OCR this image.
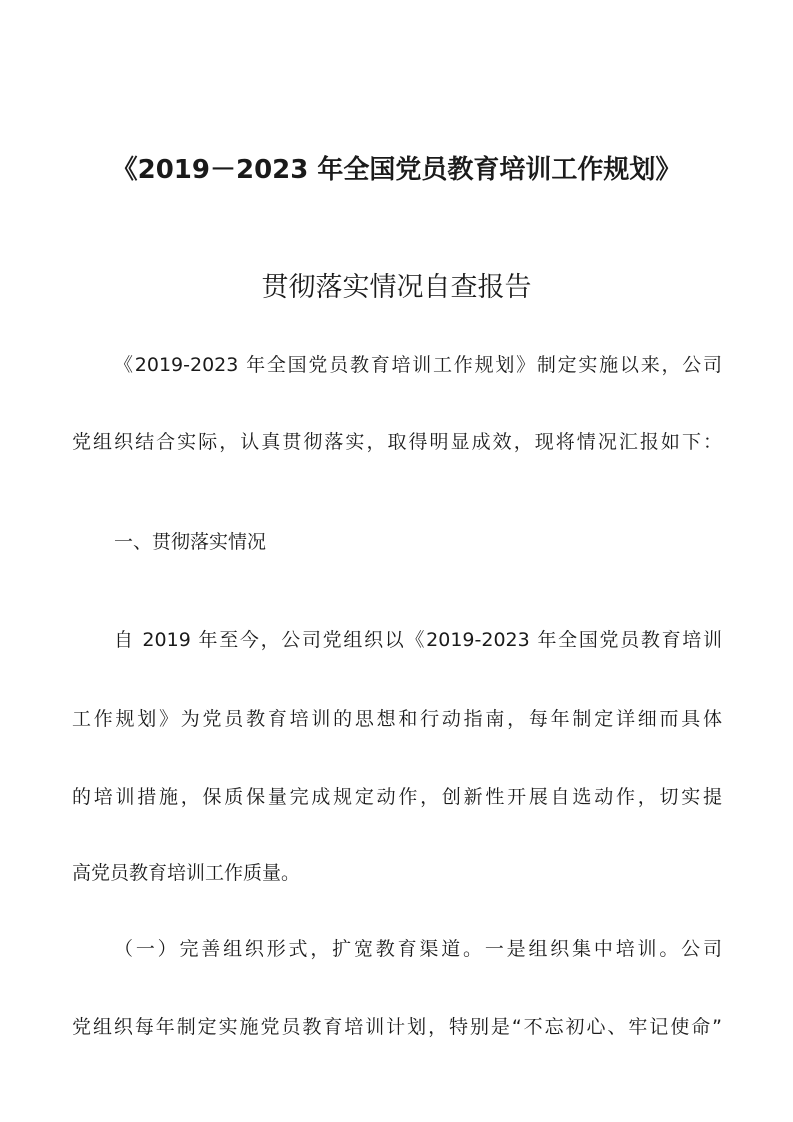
《2019－2023 年全国党员教育培训工作规划》
贯彻落实情况自查报告
《2019-2023 年全国党员教育培训工作规划》制定实施以来，公司
党组织结合实际，认真贯彻落实，取得明显成效，现将情况汇报如下：
一、贯彻落实情况
自 2019 年至今，公司党组织以《2019-2023 年全国党员教育培训
工作规划》为党员教育培训的思想和行动指南，每年制定详细而具体
的培训措施，保质保量完成规定动作，创新性开展自选动作，切实提
高党员教育培训工作质量。
（一）完善组织形式，扩宽教育渠道。一是组织集中培训。公司
党组织每年制定实施党员教育培训计划，特别是“不忘初心、牢记使命”
